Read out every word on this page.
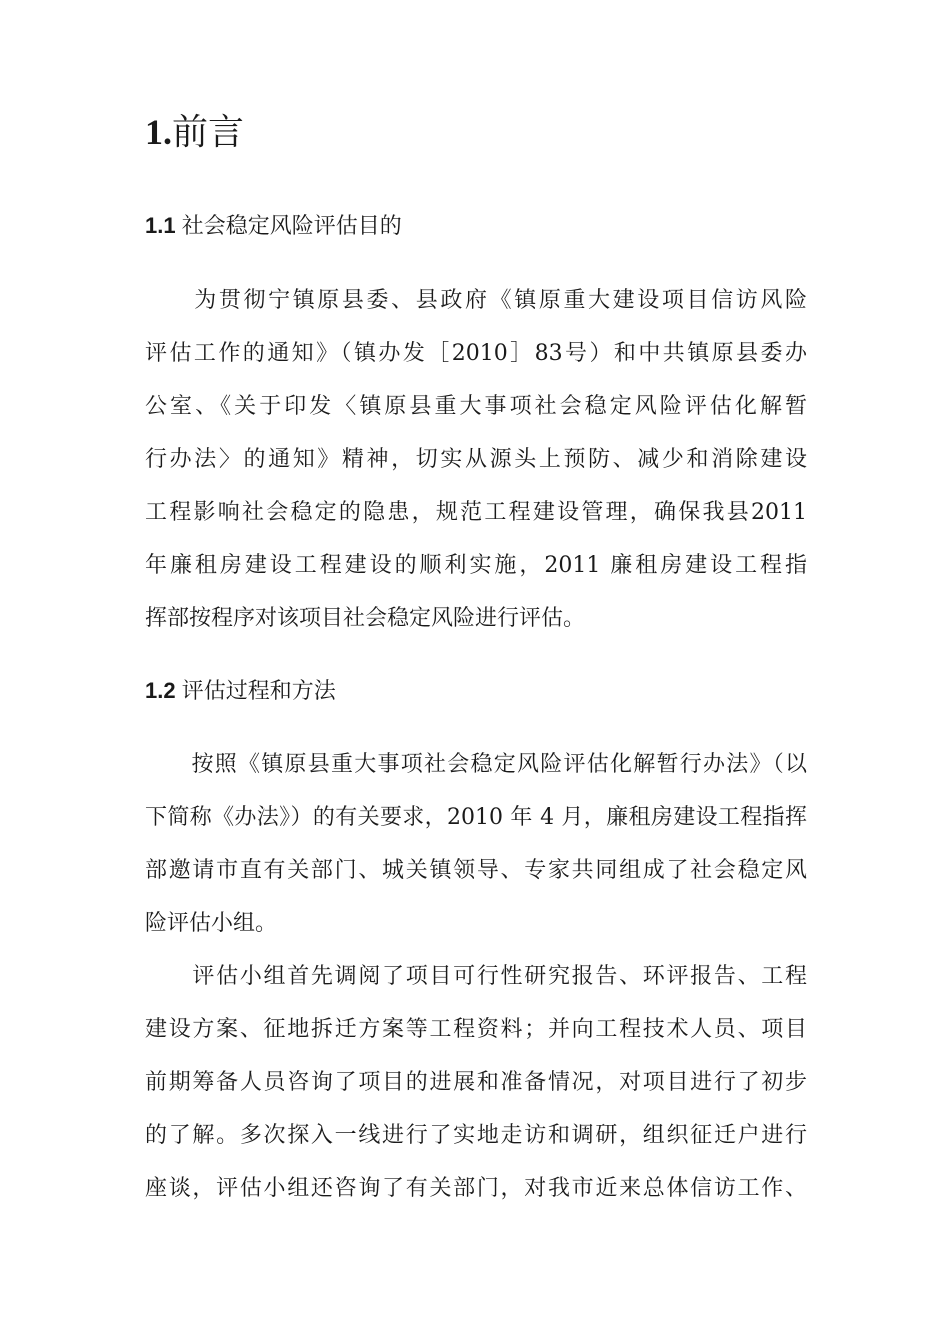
1.前言
1.1 社会稳定风险评估目的
　　为贯彻宁镇原县委、县政府《镇原重大建设项目信访风险
评估工作的通知》（镇办发［2010］83号）和中共镇原县委办
公室、《关于印发〈镇原县重大事项社会稳定风险评估化解暂
行办法〉的通知》精神，切实从源头上预防、减少和消除建设
工程影响社会稳定的隐患，规范工程建设管理，确保我县2011
年廉租房建设工程建设的顺利实施，2011 廉租房建设工程指
挥部按程序对该项目社会稳定风险进行评估。
1.2 评估过程和方法
　　按照《镇原县重大事项社会稳定风险评估化解暂行办法》（以
下简称《办法》）的有关要求，2010 年 4 月，廉租房建设工程指挥
部邀请市直有关部门、城关镇领导、专家共同组成了社会稳定风
险评估小组。
　　评估小组首先调阅了项目可行性研究报告、环评报告、工程
建设方案、征地拆迁方案等工程资料；并向工程技术人员、项目
前期筹备人员咨询了项目的进展和准备情况，对项目进行了初步
的了解。多次探入一线进行了实地走访和调研，组织征迁户进行
座谈，评估小组还咨询了有关部门，对我市近来总体信访工作、
